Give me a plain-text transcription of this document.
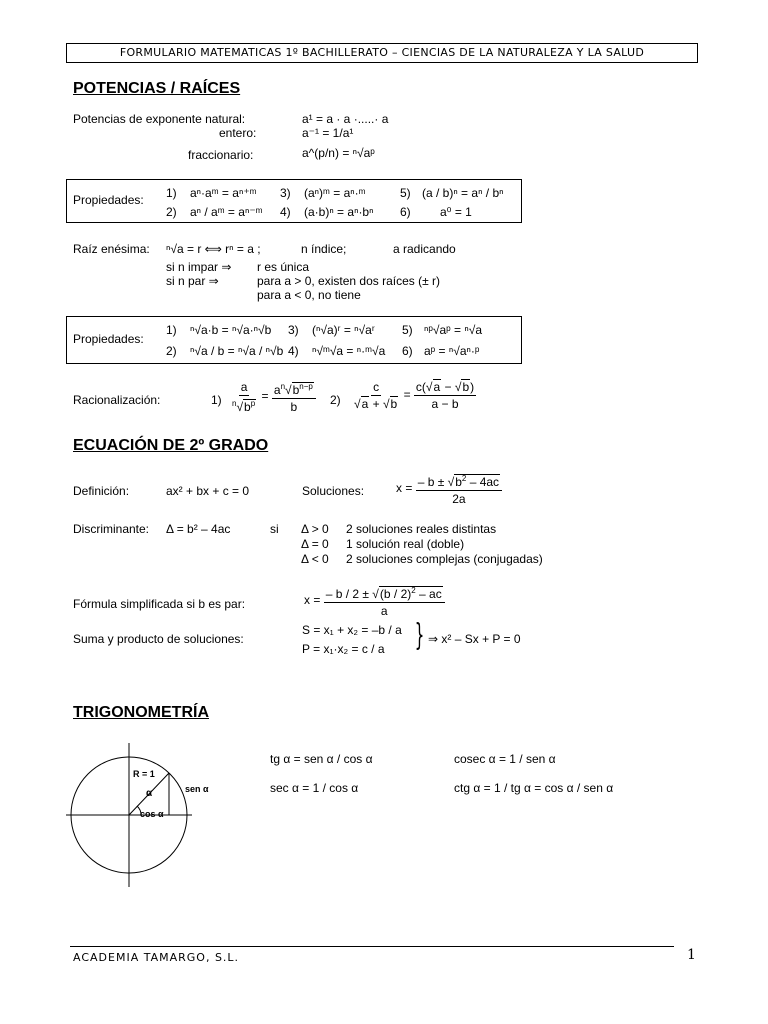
FORMULARIO MATEMATICAS 1º BACHILLERATO – CIENCIAS DE LA NATURALEZA Y LA SALUD
POTENCIAS / RAÍCES
Potencias de exponente natural:	a¹ = a · a ·.....· a
entero:	a⁻¹ = 1/a¹
fraccionario:	a^(p/n) = ⁿ√aᵖ
Propiedades: 1)	aⁿ·aᵐ = aⁿ⁺ᵐ	3)	(aⁿ)ᵐ = aⁿ·ᵐ	5) (a / b)ⁿ = aⁿ / bⁿ
2)	aⁿ / aᵐ = aⁿ⁻ᵐ	4)	(a·b)ⁿ = aⁿ·bⁿ	6)	a⁰ = 1
Raíz enésima: ⁿ√a = r ⟺ rⁿ = a ;	n índice;	a radicando
si n impar ⇒ r es única
si n par ⇒	para a > 0, existen dos raíces (± r)
para a < 0, no tiene
Propiedades:
1)	ⁿ√a·b = ⁿ√a·ⁿ√b	3)	(ⁿ√a)ʳ = ⁿ√aʳ	5) ⁿᵖ√aᵖ = ⁿ√a
2)	ⁿ√a / b = ⁿ√a / ⁿ√b 4)	ⁿ√ᵐ√a = ⁿ·ᵐ√a	6) aᵖ = ⁿ√aⁿ·ᵖ
Racionalización:	$1) \frac{a}{^n√b^p} = \frac{a^n√b^{n-p}}{b} 2) \frac{c}{√a + √b} = \frac{c(√a - √b)}{a - b}$
ECUACIÓN DE 2º GRADO
Definición:	ax² + bx + c = 0	Soluciones:	$x = \frac{- b \pm √b^2 - 4ac}{2a}$
Discriminante: Δ = b² – 4ac	si Δ > 0 2 soluciones reales distintas
Δ = 0 1 solución real (doble)
Δ < 0 2 soluciones complejas (conjugadas)
Fórmula simplificada si b es par:	$x = \frac{- b / 2 \pm √(b / 2)^2 - ac}{a}$
Suma y producto de soluciones:
S = x₁ + x₂ = –b / a
P = x₁·x₂ = c / a } ⇒ x² – Sx + P = 0
TRIGONOMETRÍA
R = 1
α	sen α
cos α
tg α = sen α / cos α	cosec α = 1 / sen α
sec α = 1 / cos α	ctg α = 1 / tg α = cos α / sen α
ACADEMIA TAMARGO, S.L.	1
